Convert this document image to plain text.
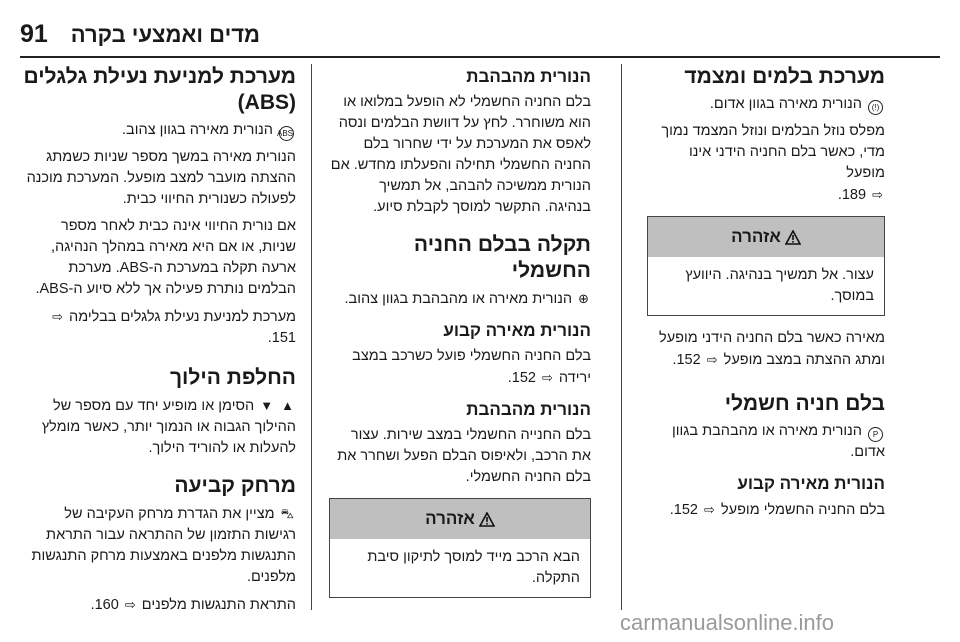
91 מדים ואמצעי בקרה
מערכת בלמים ומצמד

(!) הנורית מאירה בגוון אדום.

מפלס נוזל הבלמים ונוזל המצמד נמוך מדי, כאשר בלם החניה הידני אינו מופעל
⇨ 189.

אזהרה
עצור. אל תמשיך בנהיגה. היוועץ במוסך.

מאירה כאשר בלם החניה הידני מופעל ומתג ההצתה במצב מופעל ⇨ 152.

בלם חניה חשמלי

P הנורית מאירה או מהבהבת בגוון אדום.

הנורית מאירה קבוע

בלם החניה החשמלי מופעל ⇨ 152.

הנורית מהבהבת

בלם החניה החשמלי לא הופעל במלואו או הוא משוחרר. לחץ על דוושת הבלמים ונסה לאפס את המערכת על ידי שחרור בלם החניה החשמלי תחילה והפעלתו מחדש. אם הנורית ממשיכה להבהב, אל תמשיך בנהיגה. התקשר למוסך לקבלת סיוע.

תקלה בבלם החניה החשמלי

⊕ הנורית מאירה או מהבהבת בגוון צהוב.

הנורית מאירה קבוע

בלם החניה החשמלי פועל כשרכב במצב ירידה ⇨ 152.

הנורית מהבהבת

בלם החנייה החשמלי במצב שירות. עצור את הרכב, ולאיפוס הבלם הפעל ושחרר את בלם החניה החשמלי.

אזהרה
הבא הרכב מייד למוסך לתיקון סיבת התקלה.
מערכת למניעת נעילת גלגלים (ABS)

ABS הנורית מאירה בגוון צהוב.

הנורית מאירה במשך מספר שניות כשמתג ההצתה מועבר למצב מופעל. המערכת מוכנה לפעולה כשנורית החיווי כבית.

אם נורית החיווי אינה כבית לאחר מספר שניות, או אם היא מאירה במהלך הנהיגה, ארעה תקלה במערכת ה-ABS. מערכת הבלמים נותרת פעילה אך ללא סיוע ה-ABS.

מערכת למניעת נעילת גלגלים בבלימה ⇨ 151.

החלפת הילוך

▲ ▼ הסימן או מופיע יחד עם מספר של ההילוך הגבוה או הנמוך יותר, כאשר מומלץ להעלות או להוריד הילוך.

מרחק קביעה

⛍ מציין את הגדרת מרחק העקיבה של רגישות התזמון של ההתראה עבור התראת התנגשות מלפנים באמצעות מרחק התנגשות מלפנים.

התראת התנגשות מלפנים ⇨ 160.

carmanualsonline.info
